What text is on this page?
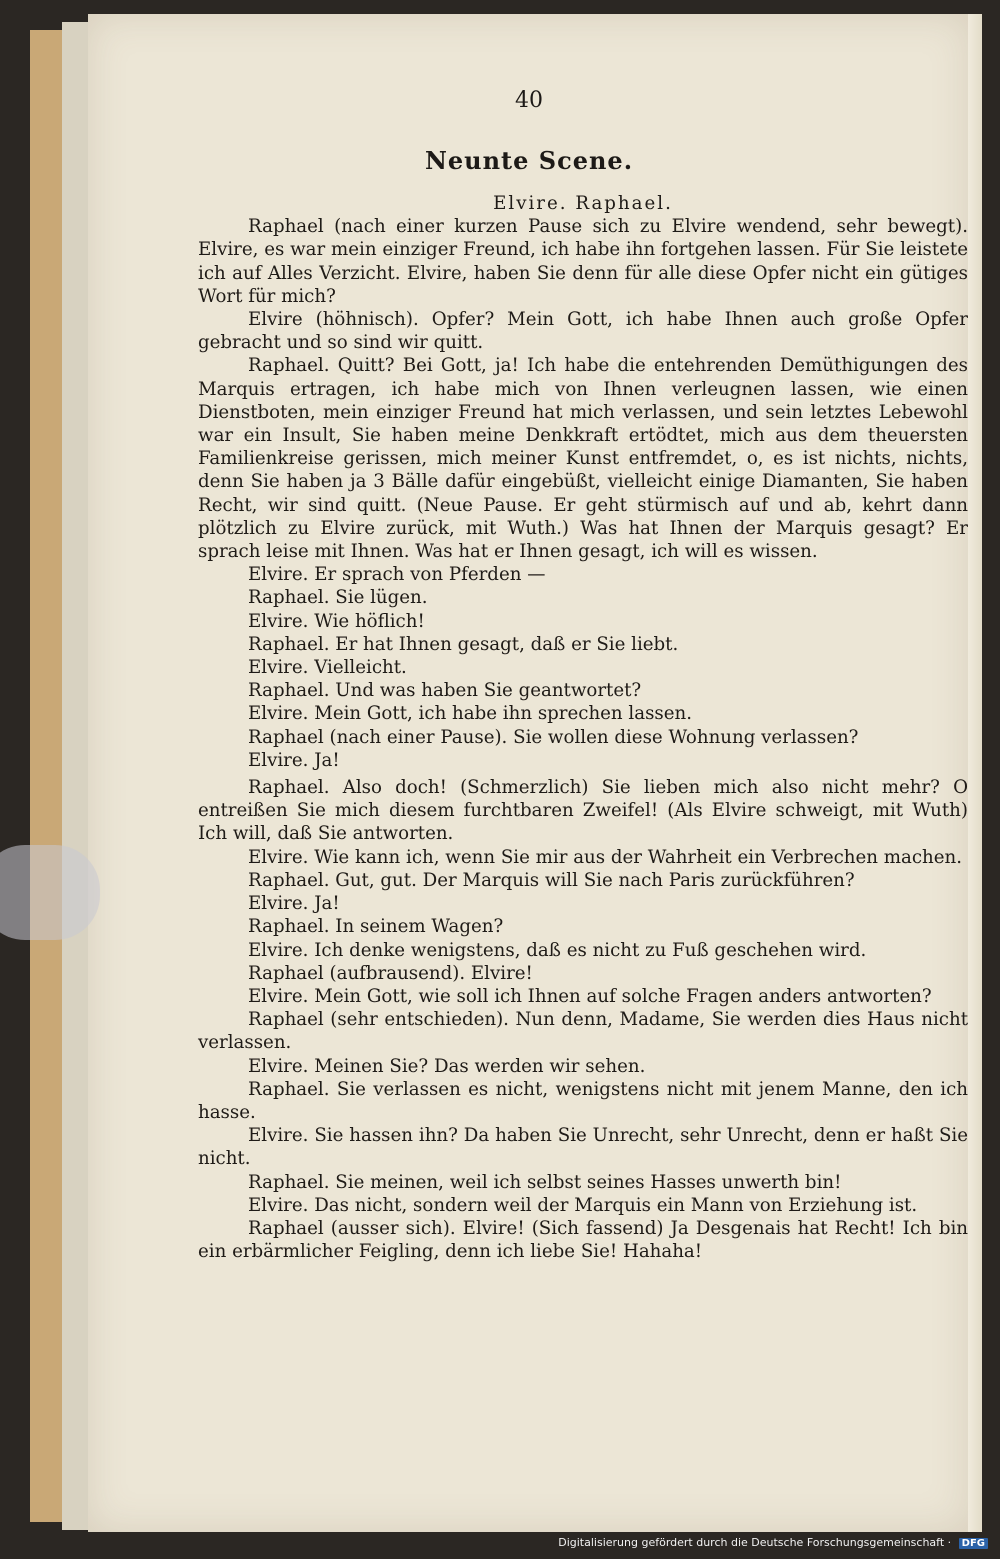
40
Neunte Scene.

Elvire. Raphael.

Raphael (nach einer kurzen Pause sich zu Elvire wendend, sehr bewegt). Elvire, es war mein einziger Freund, ich habe ihn fortgehen lassen. Für Sie leistete ich auf Alles Verzicht. Elvire, haben Sie denn für alle diese Opfer nicht ein gütiges Wort für mich?

Elvire (höhnisch). Opfer? Mein Gott, ich habe Ihnen auch große Opfer gebracht und so sind wir quitt.

Raphael. Quitt? Bei Gott, ja! Ich habe die entehrenden Demüthigungen des Marquis ertragen, ich habe mich von Ihnen verleugnen lassen, wie einen Dienstboten, mein einziger Freund hat mich verlassen, und sein letztes Lebewohl war ein Insult, Sie haben meine Denkkraft ertödtet, mich aus dem theuersten Familienkreise gerissen, mich meiner Kunst entfremdet, o, es ist nichts, nichts, denn Sie haben ja 3 Bälle dafür eingebüßt, vielleicht einige Diamanten, Sie haben Recht, wir sind quitt. (Neue Pause. Er geht stürmisch auf und ab, kehrt dann plötzlich zu Elvire zurück, mit Wuth.) Was hat Ihnen der Marquis gesagt? Er sprach leise mit Ihnen. Was hat er Ihnen gesagt, ich will es wissen.

Elvire. Er sprach von Pferden —

Raphael. Sie lügen.

Elvire. Wie höflich!

Raphael. Er hat Ihnen gesagt, daß er Sie liebt.

Elvire. Vielleicht.

Raphael. Und was haben Sie geantwortet?

Elvire. Mein Gott, ich habe ihn sprechen lassen.

Raphael (nach einer Pause). Sie wollen diese Wohnung verlassen?

Elvire. Ja!

Raphael. Also doch! (Schmerzlich) Sie lieben mich also nicht mehr? O entreißen Sie mich diesem furchtbaren Zweifel! (Als Elvire schweigt, mit Wuth) Ich will, daß Sie antworten.

Elvire. Wie kann ich, wenn Sie mir aus der Wahrheit ein Verbrechen machen.

Raphael. Gut, gut. Der Marquis will Sie nach Paris zurückführen?

Elvire. Ja!

Raphael. In seinem Wagen?

Elvire. Ich denke wenigstens, daß es nicht zu Fuß geschehen wird.

Raphael (aufbrausend). Elvire!

Elvire. Mein Gott, wie soll ich Ihnen auf solche Fragen anders antworten?

Raphael (sehr entschieden). Nun denn, Madame, Sie werden dies Haus nicht verlassen.

Elvire. Meinen Sie? Das werden wir sehen.

Raphael. Sie verlassen es nicht, wenigstens nicht mit jenem Manne, den ich hasse.

Elvire. Sie hassen ihn? Da haben Sie Unrecht, sehr Unrecht, denn er haßt Sie nicht.

Raphael. Sie meinen, weil ich selbst seines Hasses unwerth bin!

Elvire. Das nicht, sondern weil der Marquis ein Mann von Erziehung ist.

Raphael (ausser sich). Elvire! (Sich fassend) Ja Desgenais hat Recht! Ich bin ein erbärmlicher Feigling, denn ich liebe Sie! Hahaha!

Digitalisierung gefördert durch die Deutsche Forschungsgemeinschaft · DFG
